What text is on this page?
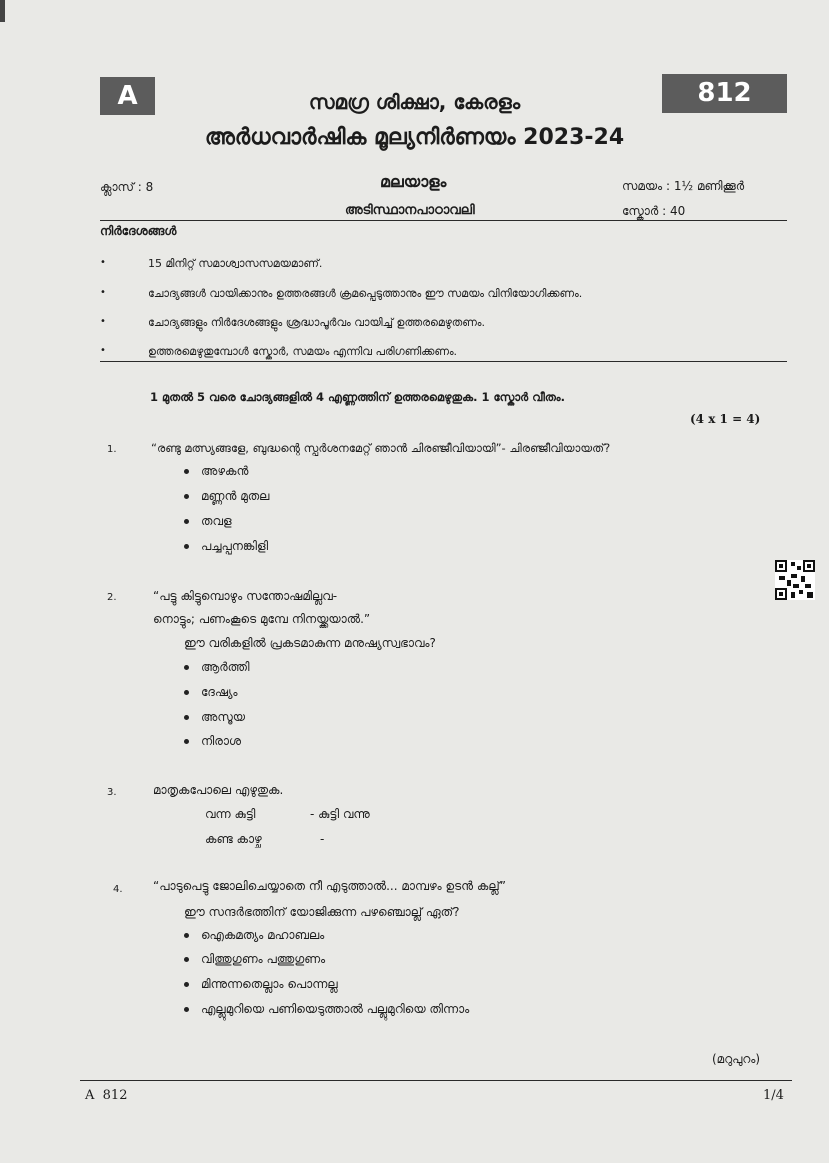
A	812
സമഗ്ര ശിക്ഷാ, കേരളം
അർധവാർഷിക മൂല്യനിർണയം 2023-24
ക്ലാസ് : 8	മലയാളം	സമയം : 1½ മണിക്കൂർ
അടിസ്ഥാനപാഠാവലി	സ്കോർ : 40
നിർദേശങ്ങൾ
•	15 മിനിറ്റ് സമാശ്വാസസമയമാണ്.
•	ചോദ്യങ്ങൾ വായിക്കാനും ഉത്തരങ്ങൾ ക്രമപ്പെടുത്താനും ഈ സമയം വിനിയോഗിക്കണം.
•	ചോദ്യങ്ങളും നിർദേശങ്ങളും ശ്രദ്ധാപൂർവം വായിച്ച് ഉത്തരമെഴുതണം.
•	ഉത്തരമെഴുതുമ്പോൾ സ്കോർ, സമയം എന്നിവ പരിഗണിക്കണം.
1 മുതൽ 5 വരെ ചോദ്യങ്ങളിൽ 4 എണ്ണത്തിന് ഉത്തരമെഴുതുക. 1 സ്കോർ വീതം.
(4 x 1 = 4)
1.	“രണ്ടു മത്സ്യങ്ങളേ, ബുദ്ധന്റെ സ്പർശനമേറ്റ് ഞാൻ ചിരഞ്ജീവിയായി”- ചിരഞ്ജീവിയായത്?
അഴകൻ
മണ്ണൻ മുതല
തവള
പച്ചപ്പനങ്കിളി
2.	“പട്ടു കിട്ടുമ്പൊഴും സന്തോഷമില്ലവ-
നൊട്ടും; പണംകൂടെ മുമ്പേ നിനയ്ക്കയാൽ.”
ഈ വരികളിൽ പ്രകടമാകുന്ന മനുഷ്യസ്വഭാവം?
ആർത്തി
ദേഷ്യം
അസൂയ
നിരാശ
3.	മാതൃകപോലെ എഴുതുക.
വന്ന കുട്ടി	- കുട്ടി വന്നു
കണ്ട കാഴ്ച	-
4.	“പാടുപെട്ടു ജോലിചെയ്യാതെ നീ എടുത്താൽ... മാമ്പഴം ഉടൻ കല്ല്”
ഈ സന്ദർഭത്തിന് യോജിക്കുന്ന പഴഞ്ചൊല്ല് ഏത്?
ഐകമത്യം മഹാബലം
വിത്തുഗുണം പത്തുഗുണം
മിന്നുന്നതെല്ലാം പൊന്നല്ല
എല്ലുമുറിയെ പണിയെടുത്താൽ പല്ലുമുറിയെ തിന്നാം
(മറുപുറം)
A  812	1/4
